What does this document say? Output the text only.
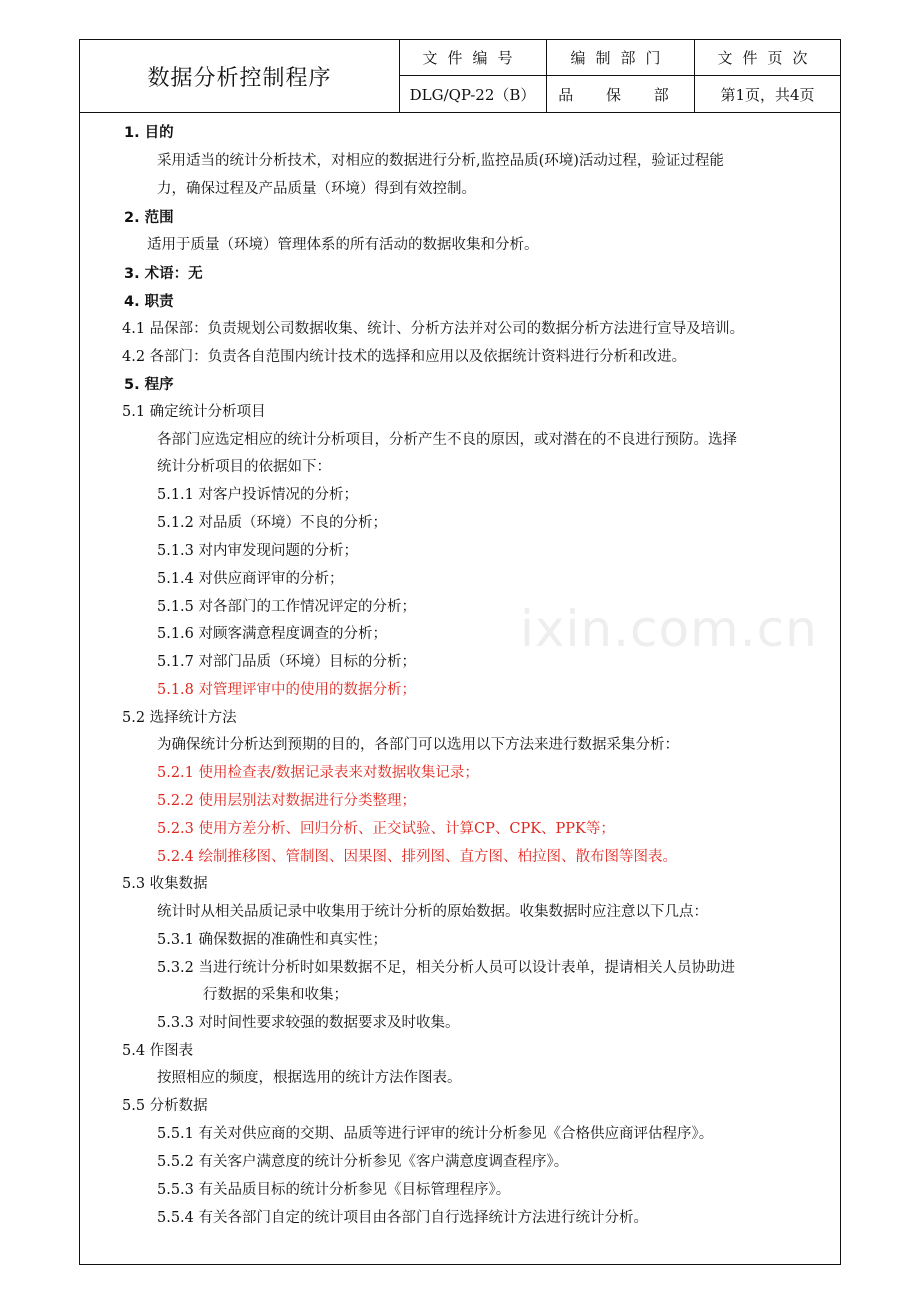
数据分析控制程序
文件编号	编制部门	文件页次
DLG/QP-22（B）	品 保 部	第1页，共4页
1. 目的
采用适当的统计分析技术，对相应的数据进行分析,监控品质(环境)活动过程，验证过程能
力，确保过程及产品质量（环境）得到有效控制。
2. 范围
适用于质量（环境）管理体系的所有活动的数据收集和分析。
3. 术语：无
4. 职责
4.1 品保部：负责规划公司数据收集、统计、分析方法并对公司的数据分析方法进行宣导及培训。
4.2 各部门：负责各自范围内统计技术的选择和应用以及依据统计资料进行分析和改进。
5. 程序
5.1 确定统计分析项目
各部门应选定相应的统计分析项目，分析产生不良的原因，或对潜在的不良进行预防。选择
统计分析项目的依据如下：
5.1.1 对客户投诉情况的分析；
5.1.2 对品质（环境）不良的分析；
5.1.3 对内审发现问题的分析；
5.1.4 对供应商评审的分析；
5.1.5 对各部门的工作情况评定的分析；
5.1.6 对顾客满意程度调查的分析；
5.1.7 对部门品质（环境）目标的分析；
5.1.8 对管理评审中的使用的数据分析；
5.2 选择统计方法
为确保统计分析达到预期的目的，各部门可以选用以下方法来进行数据采集分析：
5.2.1 使用检查表/数据记录表来对数据收集记录；
5.2.2 使用层别法对数据进行分类整理；
5.2.3 使用方差分析、回归分析、正交试验、计算CP、CPK、PPK等；
5.2.4 绘制推移图、管制图、因果图、排列图、直方图、柏拉图、散布图等图表。
5.3 收集数据
统计时从相关品质记录中收集用于统计分析的原始数据。收集数据时应注意以下几点：
5.3.1 确保数据的准确性和真实性；
5.3.2 当进行统计分析时如果数据不足，相关分析人员可以设计表单，提请相关人员协助进
行数据的采集和收集；
5.3.3 对时间性要求较强的数据要求及时收集。
5.4 作图表
按照相应的频度，根据选用的统计方法作图表。
5.5 分析数据
5.5.1 有关对供应商的交期、品质等进行评审的统计分析参见《合格供应商评估程序》。
5.5.2 有关客户满意度的统计分析参见《客户满意度调查程序》。
5.5.3 有关品质目标的统计分析参见《目标管理程序》。
5.5.4 有关各部门自定的统计项目由各部门自行选择统计方法进行统计分析。
ixin.com.cn
